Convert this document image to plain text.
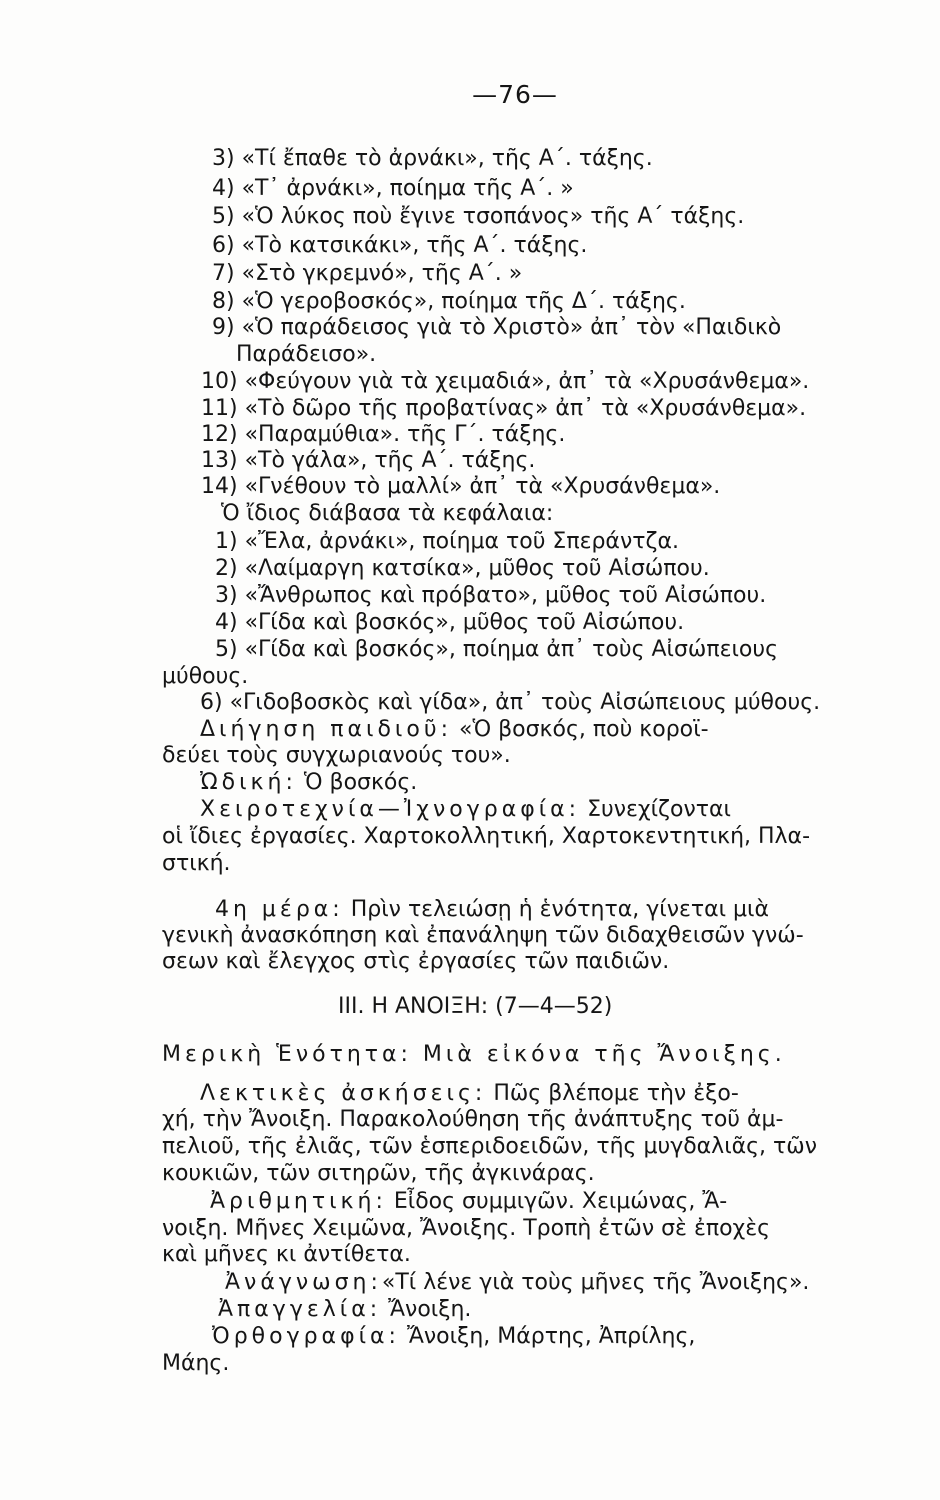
—76—
3) «Τί ἔπαθε τὸ ἀρνάκι», τῆς Α΄. τάξης.
4) «Τ᾽ ἀρνάκι», ποίημα τῆς Α΄. »
5) «Ὁ λύκος ποὺ ἔγινε τσοπάνος» τῆς Α΄ τάξης.
6) «Τὸ κατσικάκι», τῆς Α΄. τάξης.
7) «Στὸ γκρεμνό», τῆς Α΄. »
8) «Ὁ γεροβοσκός», ποίημα τῆς Δ΄. τάξης.
9) «Ὁ παράδεισος γιὰ τὸ Χριστὸ» ἀπ᾽ τὸν «Παιδικὸ
Παράδεισο».
10) «Φεύγουν γιὰ τὰ χειμαδιά», ἀπ᾽ τὰ «Χρυσάνθεμα».
11) «Τὸ δῶρο τῆς προβατίνας» ἀπ᾽ τὰ «Χρυσάνθεμα».
12) «Παραμύθια». τῆς Γ΄. τάξης.
13) «Τὸ γάλα», τῆς Α΄. τάξης.
14) «Γνέθουν τὸ μαλλί» ἀπ᾽ τὰ «Χρυσάνθεμα».
Ὁ ἴδιος διάβασα τὰ κεφάλαια:
1) «Ἔλα, ἀρνάκι», ποίημα τοῦ Σπεράντζα.
2) «Λαίμαργη κατσίκα», μῦθος τοῦ Αἰσώπου.
3) «Ἄνθρωπος καὶ πρόβατο», μῦθος τοῦ Αἰσώπου.
4) «Γίδα καὶ βοσκός», μῦθος τοῦ Αἰσώπου.
5) «Γίδα καὶ βοσκός», ποίημα ἀπ᾽ τοὺς Αἰσώπειους
μύθους.
6) «Γιδοβοσκὸς καὶ γίδα», ἀπ᾽ τοὺς Αἰσώπειους μύθους.
Διήγηση παιδιοῦ: «Ὁ βοσκός, ποὺ κοροϊ-
δεύει τοὺς συγχωριανούς του».
Ὠδική: Ὁ βοσκός.
Χειροτεχνία—Ἰχνογραφία: Συνεχίζονται
οἱ ἴδιες ἐργασίες. Χαρτοκολλητική, Χαρτοκεντητική, Πλα-
στική.
4η μέρα: Πρὶν τελειώσῃ ἡ ἑνότητα, γίνεται μιὰ
γενικὴ ἀνασκόπηση καὶ ἐπανάληψη τῶν διδαχθεισῶν γνώ-
σεων καὶ ἔλεγχος στὶς ἐργασίες τῶν παιδιῶν.
III. Η ΑΝΟΙΞΗ: (7—4—52)
Μερικὴ Ἑνότητα: Μιὰ εἰκόνα τῆς Ἄνοιξης.
Λεκτικὲς ἀσκήσεις: Πῶς βλέπομε τὴν ἐξο-
χή, τὴν Ἄνοιξη. Παρακολούθηση τῆς ἀνάπτυξης τοῦ ἀμ-
πελιοῦ, τῆς ἐλιᾶς, τῶν ἑσπεριδοειδῶν, τῆς μυγδαλιᾶς, τῶν
κουκιῶν, τῶν σιτηρῶν, τῆς ἀγκινάρας.
Ἀριθμητική: Εἶδος συμμιγῶν. Χειμώνας, Ἄ-
νοιξη. Μῆνες Χειμῶνα, Ἄνοιξης. Τροπὴ ἐτῶν σὲ ἐποχὲς
καὶ μῆνες κι ἀντίθετα.
Ἀνάγνωση:«Τί λένε γιὰ τοὺς μῆνες τῆς Ἄνοιξης».
Ἀπαγγελία: Ἄνοιξη.
Ὀρθογραφία: Ἄνοιξη, Μάρτης, Ἀπρίλης,
Μάης.
